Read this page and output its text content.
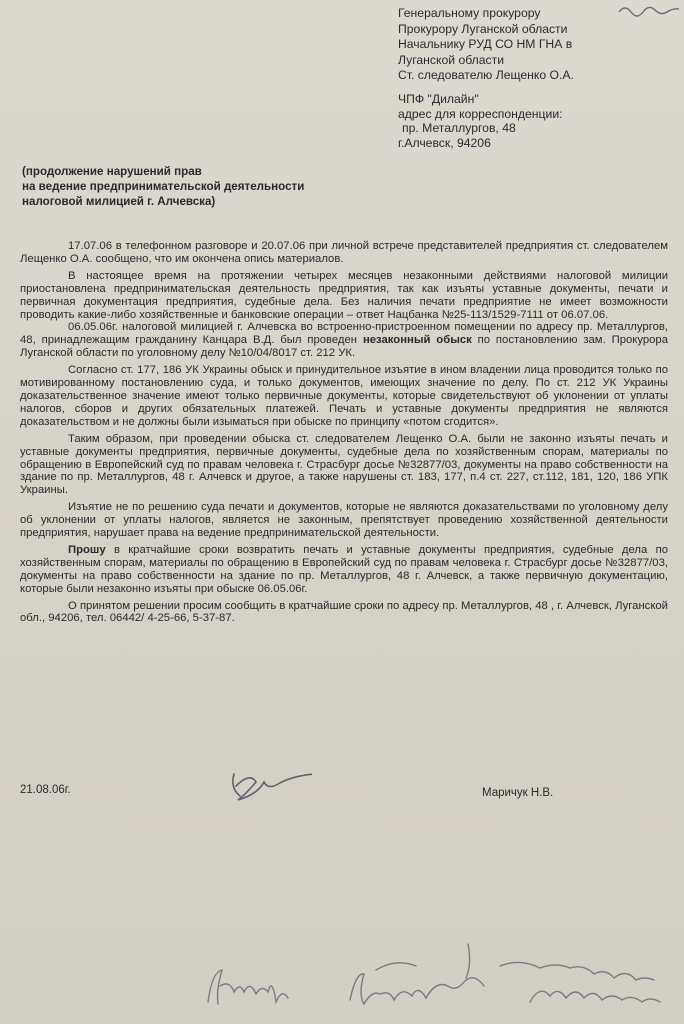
Генеральному прокурору
Прокурору Луганской области
Начальнику РУД СО НМ ГНА в
Луганской области
Ст. следователю Лещенко О.А.
ЧПФ "Дилайн"
адрес для корреспонденции:
пр. Металлургов, 48
г.Алчевск, 94206
(продолжение нарушений прав
на ведение предпринимательской деятельности
налоговой милицией г. Алчевска)

17.07.06 в телефонном разговоре и 20.07.06 при личной встрече представителей предприятия ст. следователем Лещенко О.А. сообщено, что им окончена опись материалов.

В настоящее время на протяжении четырех месяцев незаконными действиями налоговой милиции приостановлена предпринимательская деятельность предприятия, так как изъяты уставные документы, печати и первичная документация предприятия, судебные дела. Без наличия печати предприятие не имеет возможности проводить какие-либо хозяйственные и банковские операции – ответ Нацбанка №25-113/1529-7111 от 06.07.06.

06.05.06г. налоговой милицией г. Алчевска во встроенно-пристроенном помещении по адресу пр. Металлургов, 48, принадлежащим гражданину Канцара В.Д. был проведен незаконный обыск по постановлению зам. Прокурора Луганской области по уголовному делу №10/04/8017 ст. 212 УК.

Согласно ст. 177, 186 УК Украины обыск и принудительное изъятие в ином владении лица проводится только по мотивированному постановлению суда, и только документов, имеющих значение по делу. По ст. 212 УК Украины доказательственное значение имеют только первичные документы, которые свидетельствуют об уклонении от уплаты налогов, сборов и других обязательных платежей. Печать и уставные документы предприятия не являются доказательством и не должны были изыматься при обыске по принципу «потом сгодится».

Таким образом, при проведении обыска ст. следователем Лещенко О.А. были не законно изъяты печать и уставные документы предприятия, первичные документы, судебные дела по хозяйственным спорам, материалы по обращению в Европейский суд по правам человека г. Страсбург досье №32877/03, документы на право собственности на здание по пр. Металлургов, 48 г. Алчевск и другое, а также нарушены ст. 183, 177, п.4 ст. 227, ст.112, 181, 120, 186 УПК Украины.

Изъятие не по решению суда печати и документов, которые не являются доказательствами по уголовному делу об уклонении от уплаты налогов, является не законным, препятствует проведению хозяйственной деятельности предприятия, нарушает права на ведение предпринимательской деятельности.

Прошу в кратчайшие сроки возвратить печать и уставные документы предприятия, судебные дела по хозяйственным спорам, материалы по обращению в Европейский суд по правам человека г. Страсбург досье №32877/03, документы на право собственности на здание по пр. Металлургов, 48 г. Алчевск, а также первичную документацию, которые были незаконно изъяты при обыске 06.05.06г.

О принятом решении просим сообщить в кратчайшие сроки по адресу пр. Металлургов, 48 , г. Алчевск, Луганской обл., 94206, тел. 06442/ 4-25-66, 5-37-87.

21.08.06г.	Маричук Н.В.
